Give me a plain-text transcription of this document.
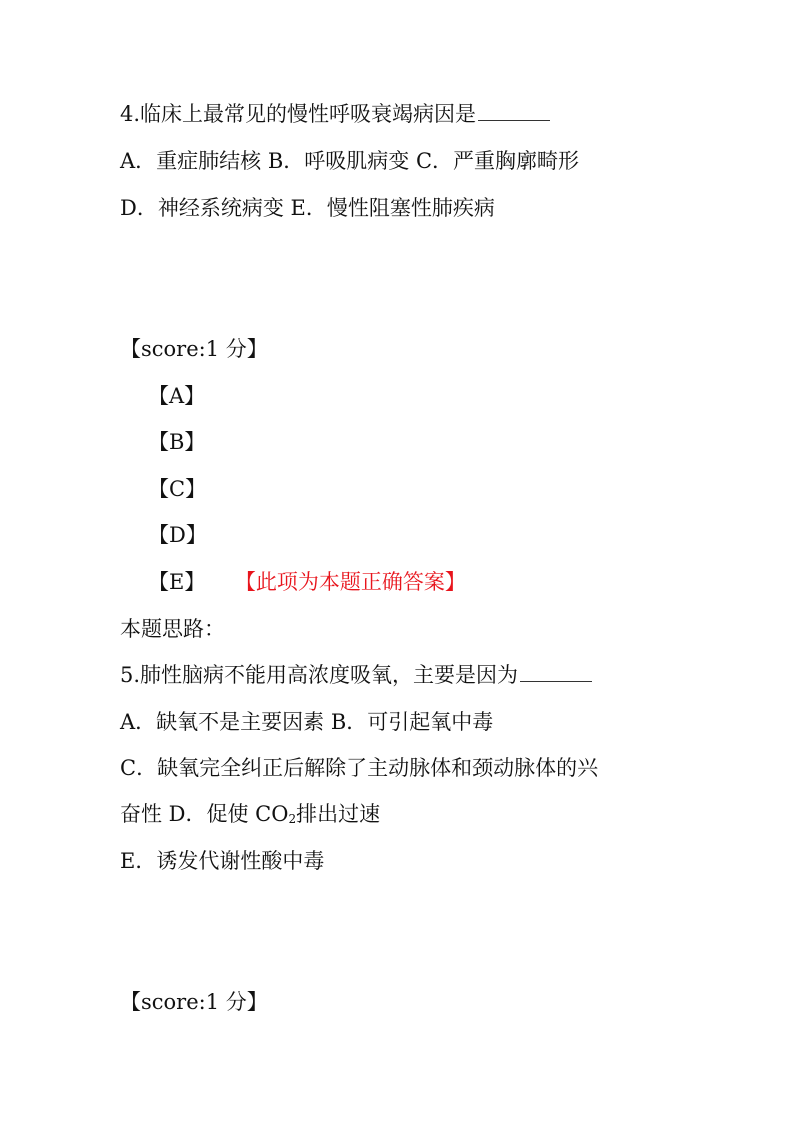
4.临床上最常见的慢性呼吸衰竭病因是
A．重症肺结核 B．呼吸肌病变 C．严重胸廓畸形
D．神经系统病变 E．慢性阻塞性肺疾病
【score:1 分】
【A】
【B】
【C】
【D】
【E】 【此项为本题正确答案】
本题思路：
5.肺性脑病不能用高浓度吸氧，主要是因为
A．缺氧不是主要因素 B．可引起氧中毒
C．缺氧完全纠正后解除了主动脉体和颈动脉体的兴
奋性 D．促使 $CO_2$排出过速
E．诱发代谢性酸中毒
【score:1 分】
